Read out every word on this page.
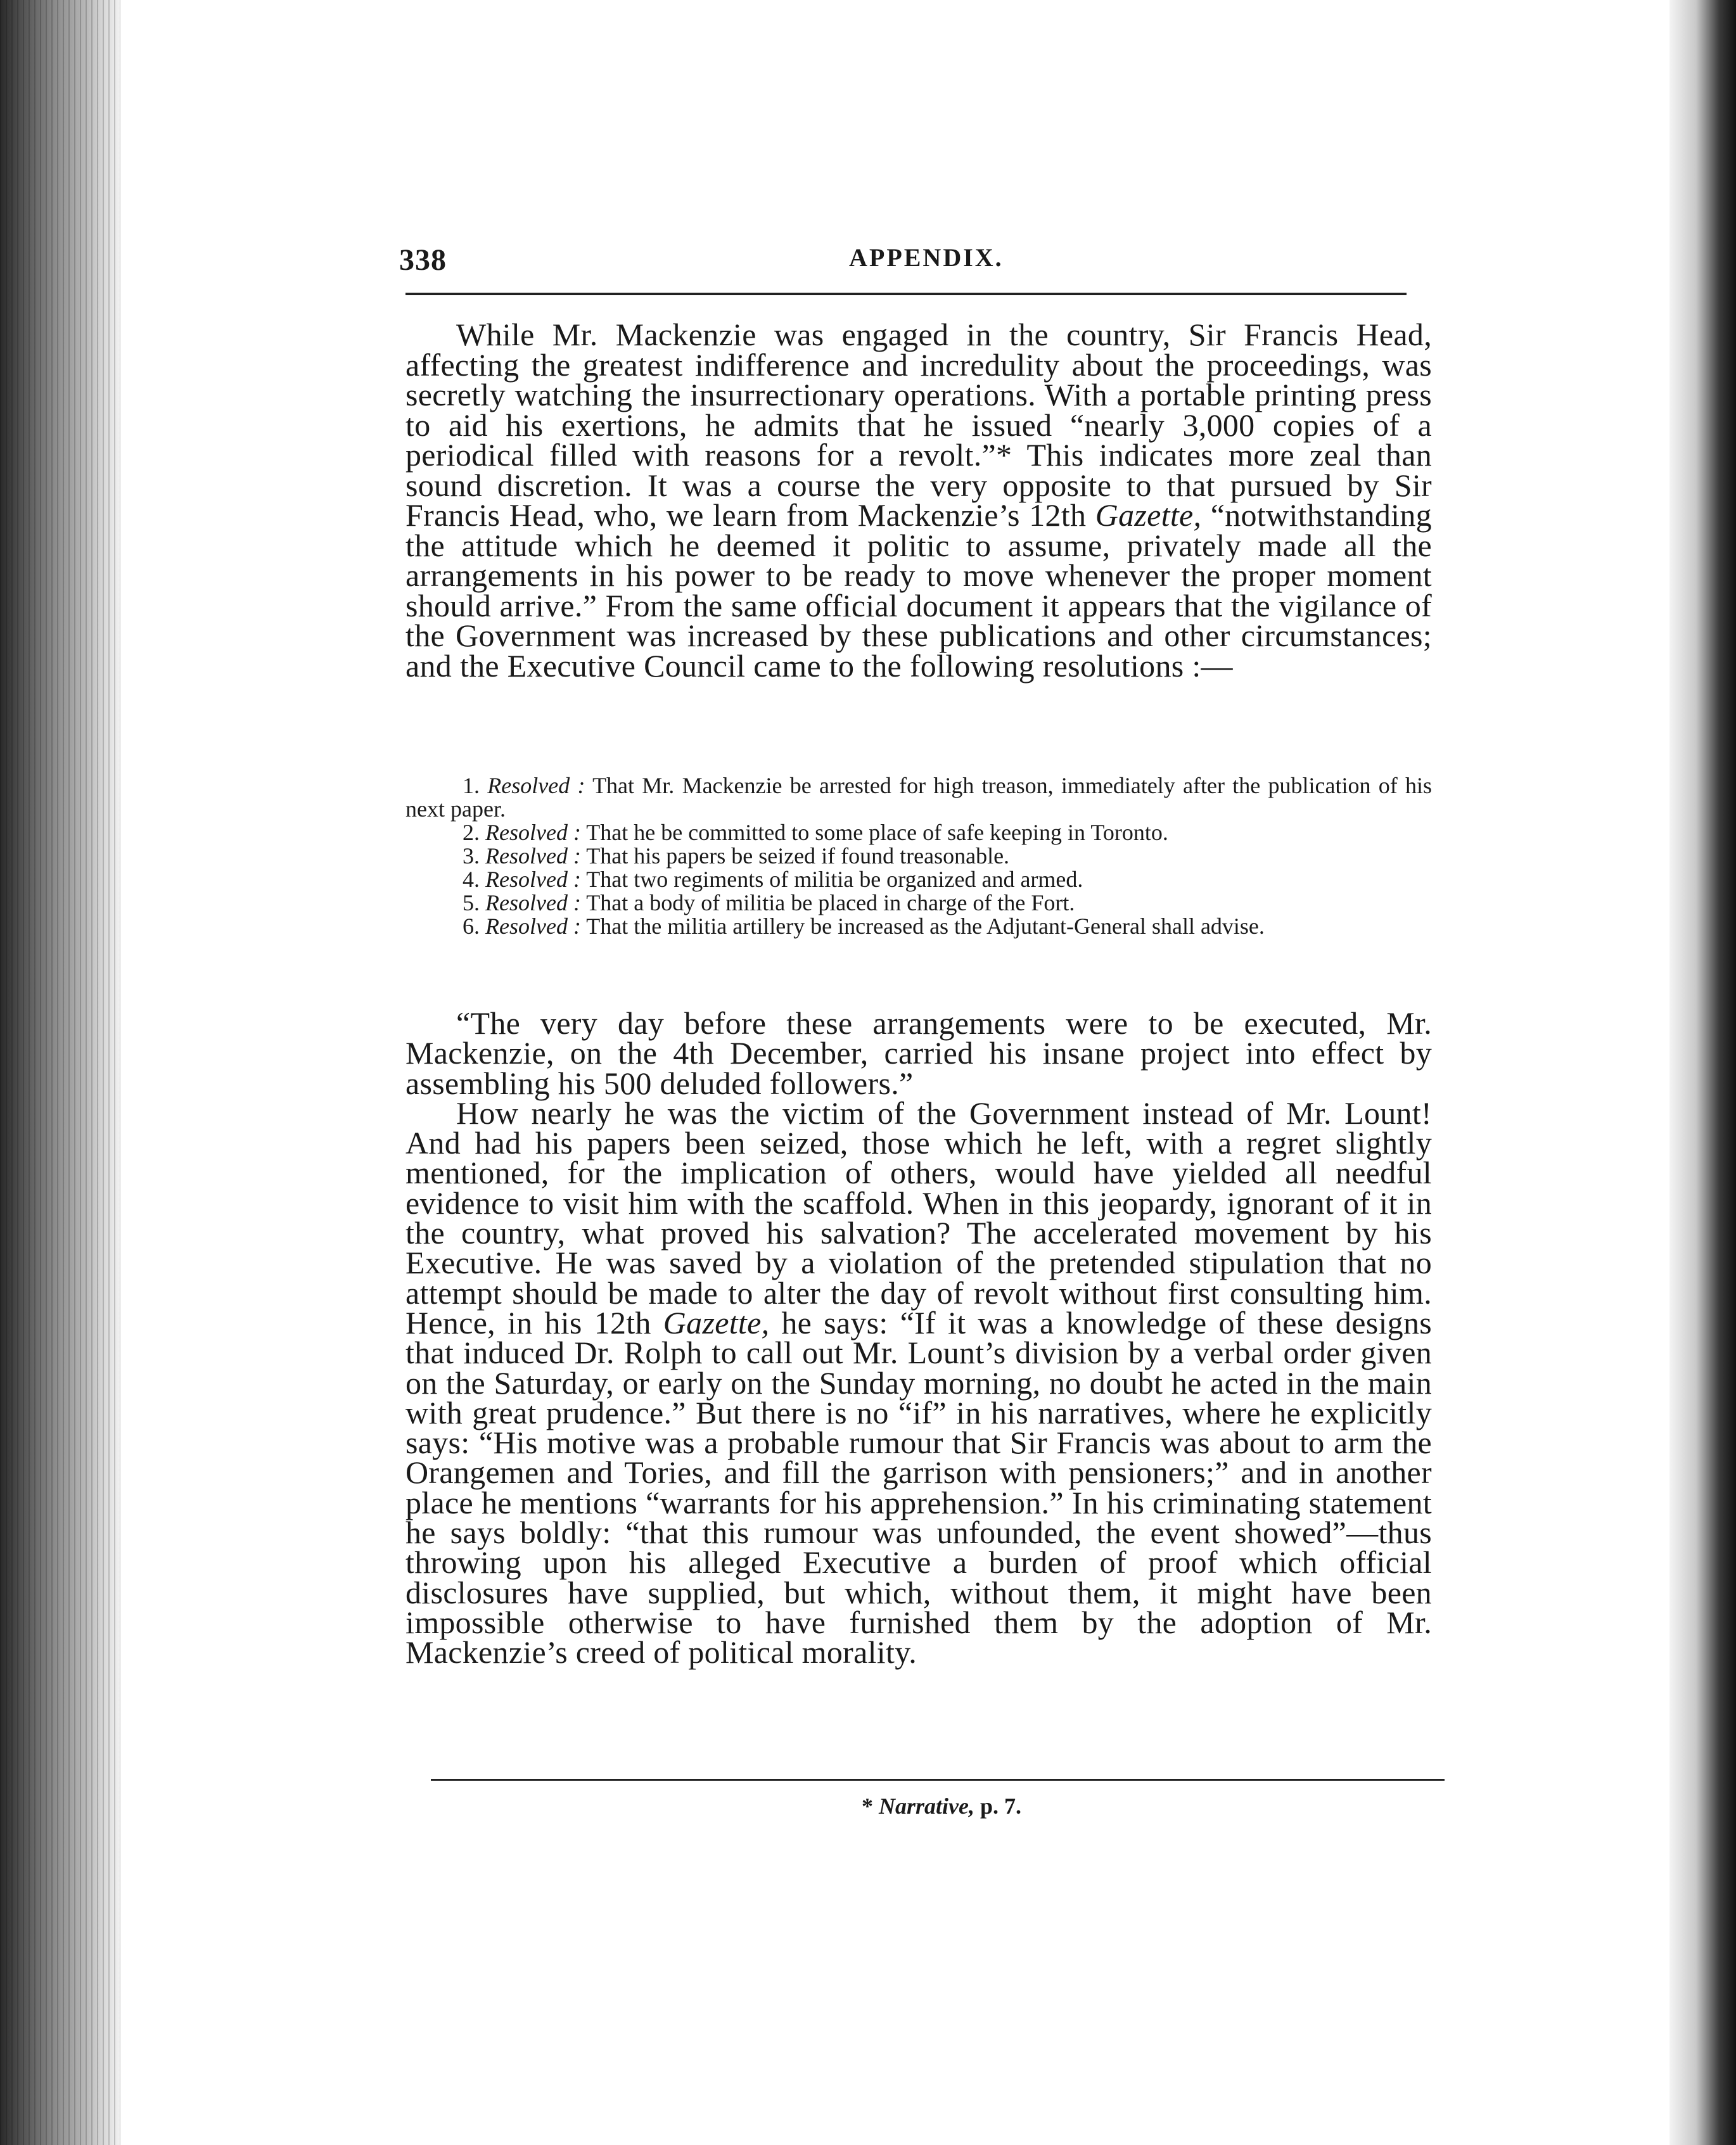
338	APPENDIX.

While Mr. Mackenzie was engaged in the country, Sir Francis Head, affecting the greatest indifference and incredulity about the proceedings, was secretly watching the insurrectionary operations. With a portable printing press to aid his exertions, he admits that he issued “nearly 3,000 copies of a periodical filled with reasons for a revolt.”* This indicates more zeal than sound discretion. It was a course the very opposite to that pursued by Sir Francis Head, who, we learn from Mackenzie’s 12th Gazette, “notwithstanding the attitude which he deemed it politic to assume, privately made all the arrangements in his power to be ready to move whenever the proper moment should arrive.” From the same official document it appears that the vigilance of the Government was increased by these publications and other circumstances; and the Executive Council came to the following resolutions :—

1. Resolved : That Mr. Mackenzie be arrested for high treason, immediately after the publication of his next paper.

2. Resolved : That he be committed to some place of safe keeping in Toronto.

3. Resolved : That his papers be seized if found treasonable.

4. Resolved : That two regiments of militia be organized and armed.

5. Resolved : That a body of militia be placed in charge of the Fort.

6. Resolved : That the militia artillery be increased as the Adjutant-General shall advise.

“The very day before these arrangements were to be executed, Mr. Mackenzie, on the 4th December, carried his insane project into effect by assembling his 500 deluded followers.”

How nearly he was the victim of the Government instead of Mr. Lount! And had his papers been seized, those which he left, with a regret slightly mentioned, for the implication of others, would have yielded all needful evidence to visit him with the scaffold. When in this jeopardy, ignorant of it in the country, what proved his salvation? The accelerated movement by his Executive. He was saved by a violation of the pretended stipulation that no attempt should be made to alter the day of revolt without first consulting him. Hence, in his 12th Gazette, he says: “If it was a knowledge of these designs that induced Dr. Rolph to call out Mr. Lount’s division by a verbal order given on the Saturday, or early on the Sunday morning, no doubt he acted in the main with great prudence.” But there is no “if” in his narratives, where he explicitly says: “His motive was a probable rumour that Sir Francis was about to arm the Orangemen and Tories, and fill the garrison with pensioners;” and in another place he mentions “warrants for his apprehension.” In his criminating statement he says boldly: “that this rumour was unfounded, the event showed”—thus throwing upon his alleged Executive a burden of proof which official disclosures have supplied, but which, without them, it might have been impossible otherwise to have furnished them by the adoption of Mr. Mackenzie’s creed of political morality.

* Narrative, p. 7.
